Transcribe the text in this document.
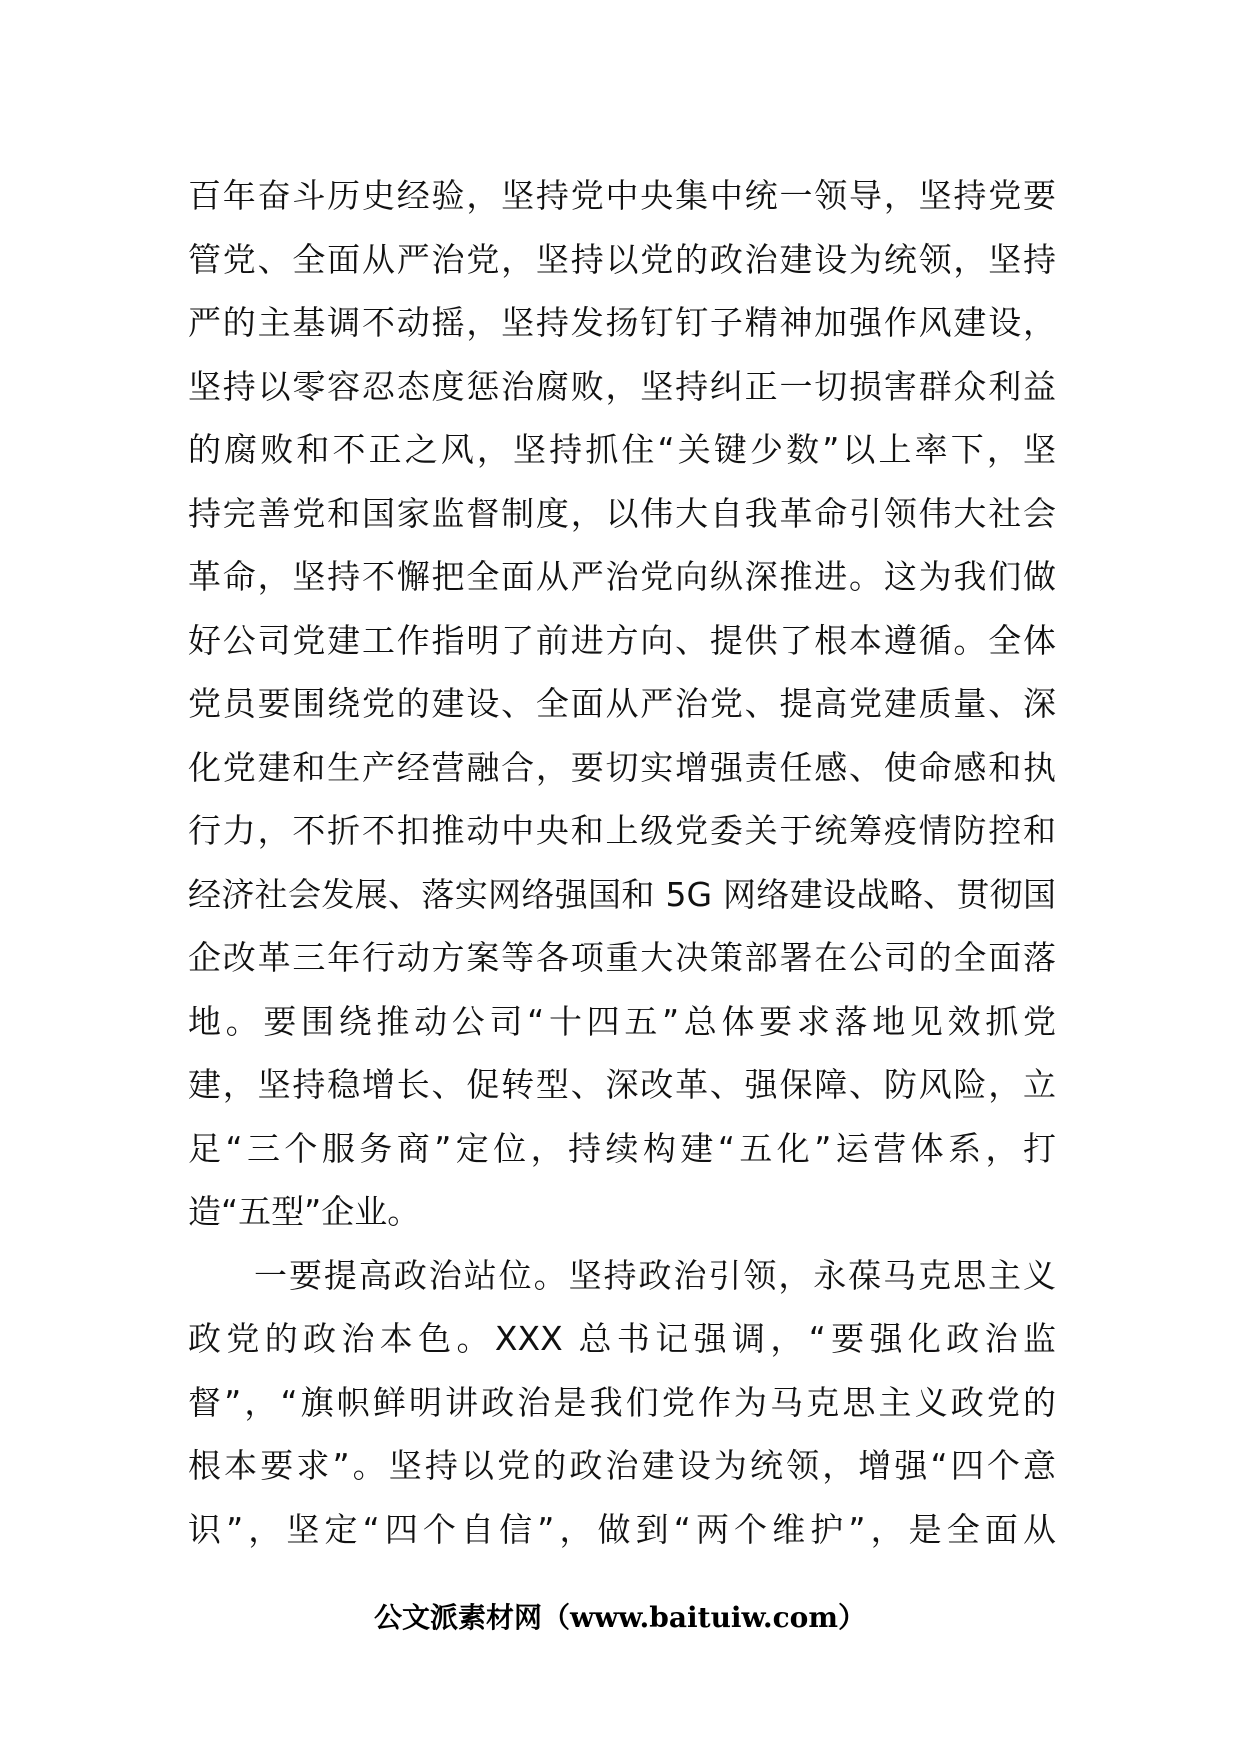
百年奋斗历史经验，坚持党中央集中统一领导，坚持党要
管党、全面从严治党，坚持以党的政治建设为统领，坚持
严的主基调不动摇，坚持发扬钉钉子精神加强作风建设，
坚持以零容忍态度惩治腐败，坚持纠正一切损害群众利益
的腐败和不正之风，坚持抓住“关键少数”以上率下，坚
持完善党和国家监督制度，以伟大自我革命引领伟大社会
革命，坚持不懈把全面从严治党向纵深推进。这为我们做
好公司党建工作指明了前进方向、提供了根本遵循。全体
党员要围绕党的建设、全面从严治党、提高党建质量、深
化党建和生产经营融合，要切实增强责任感、使命感和执
行力，不折不扣推动中央和上级党委关于统筹疫情防控和
经济社会发展、落实网络强国和 5G 网络建设战略、贯彻国
企改革三年行动方案等各项重大决策部署在公司的全面落
地。要围绕推动公司“十四五”总体要求落地见效抓党
建，坚持稳增长、促转型、深改革、强保障、防风险，立
足“三个服务商”定位，持续构建“五化”运营体系，打
造“五型”企业。
一要提高政治站位。坚持政治引领，永葆马克思主义
政党的政治本色。XXX 总书记强调，“要强化政治监
督”，“旗帜鲜明讲政治是我们党作为马克思主义政党的
根本要求”。坚持以党的政治建设为统领，增强“四个意
识”，坚定“四个自信”，做到“两个维护”，是全面从
公文派素材网（www.baituiw.com）
